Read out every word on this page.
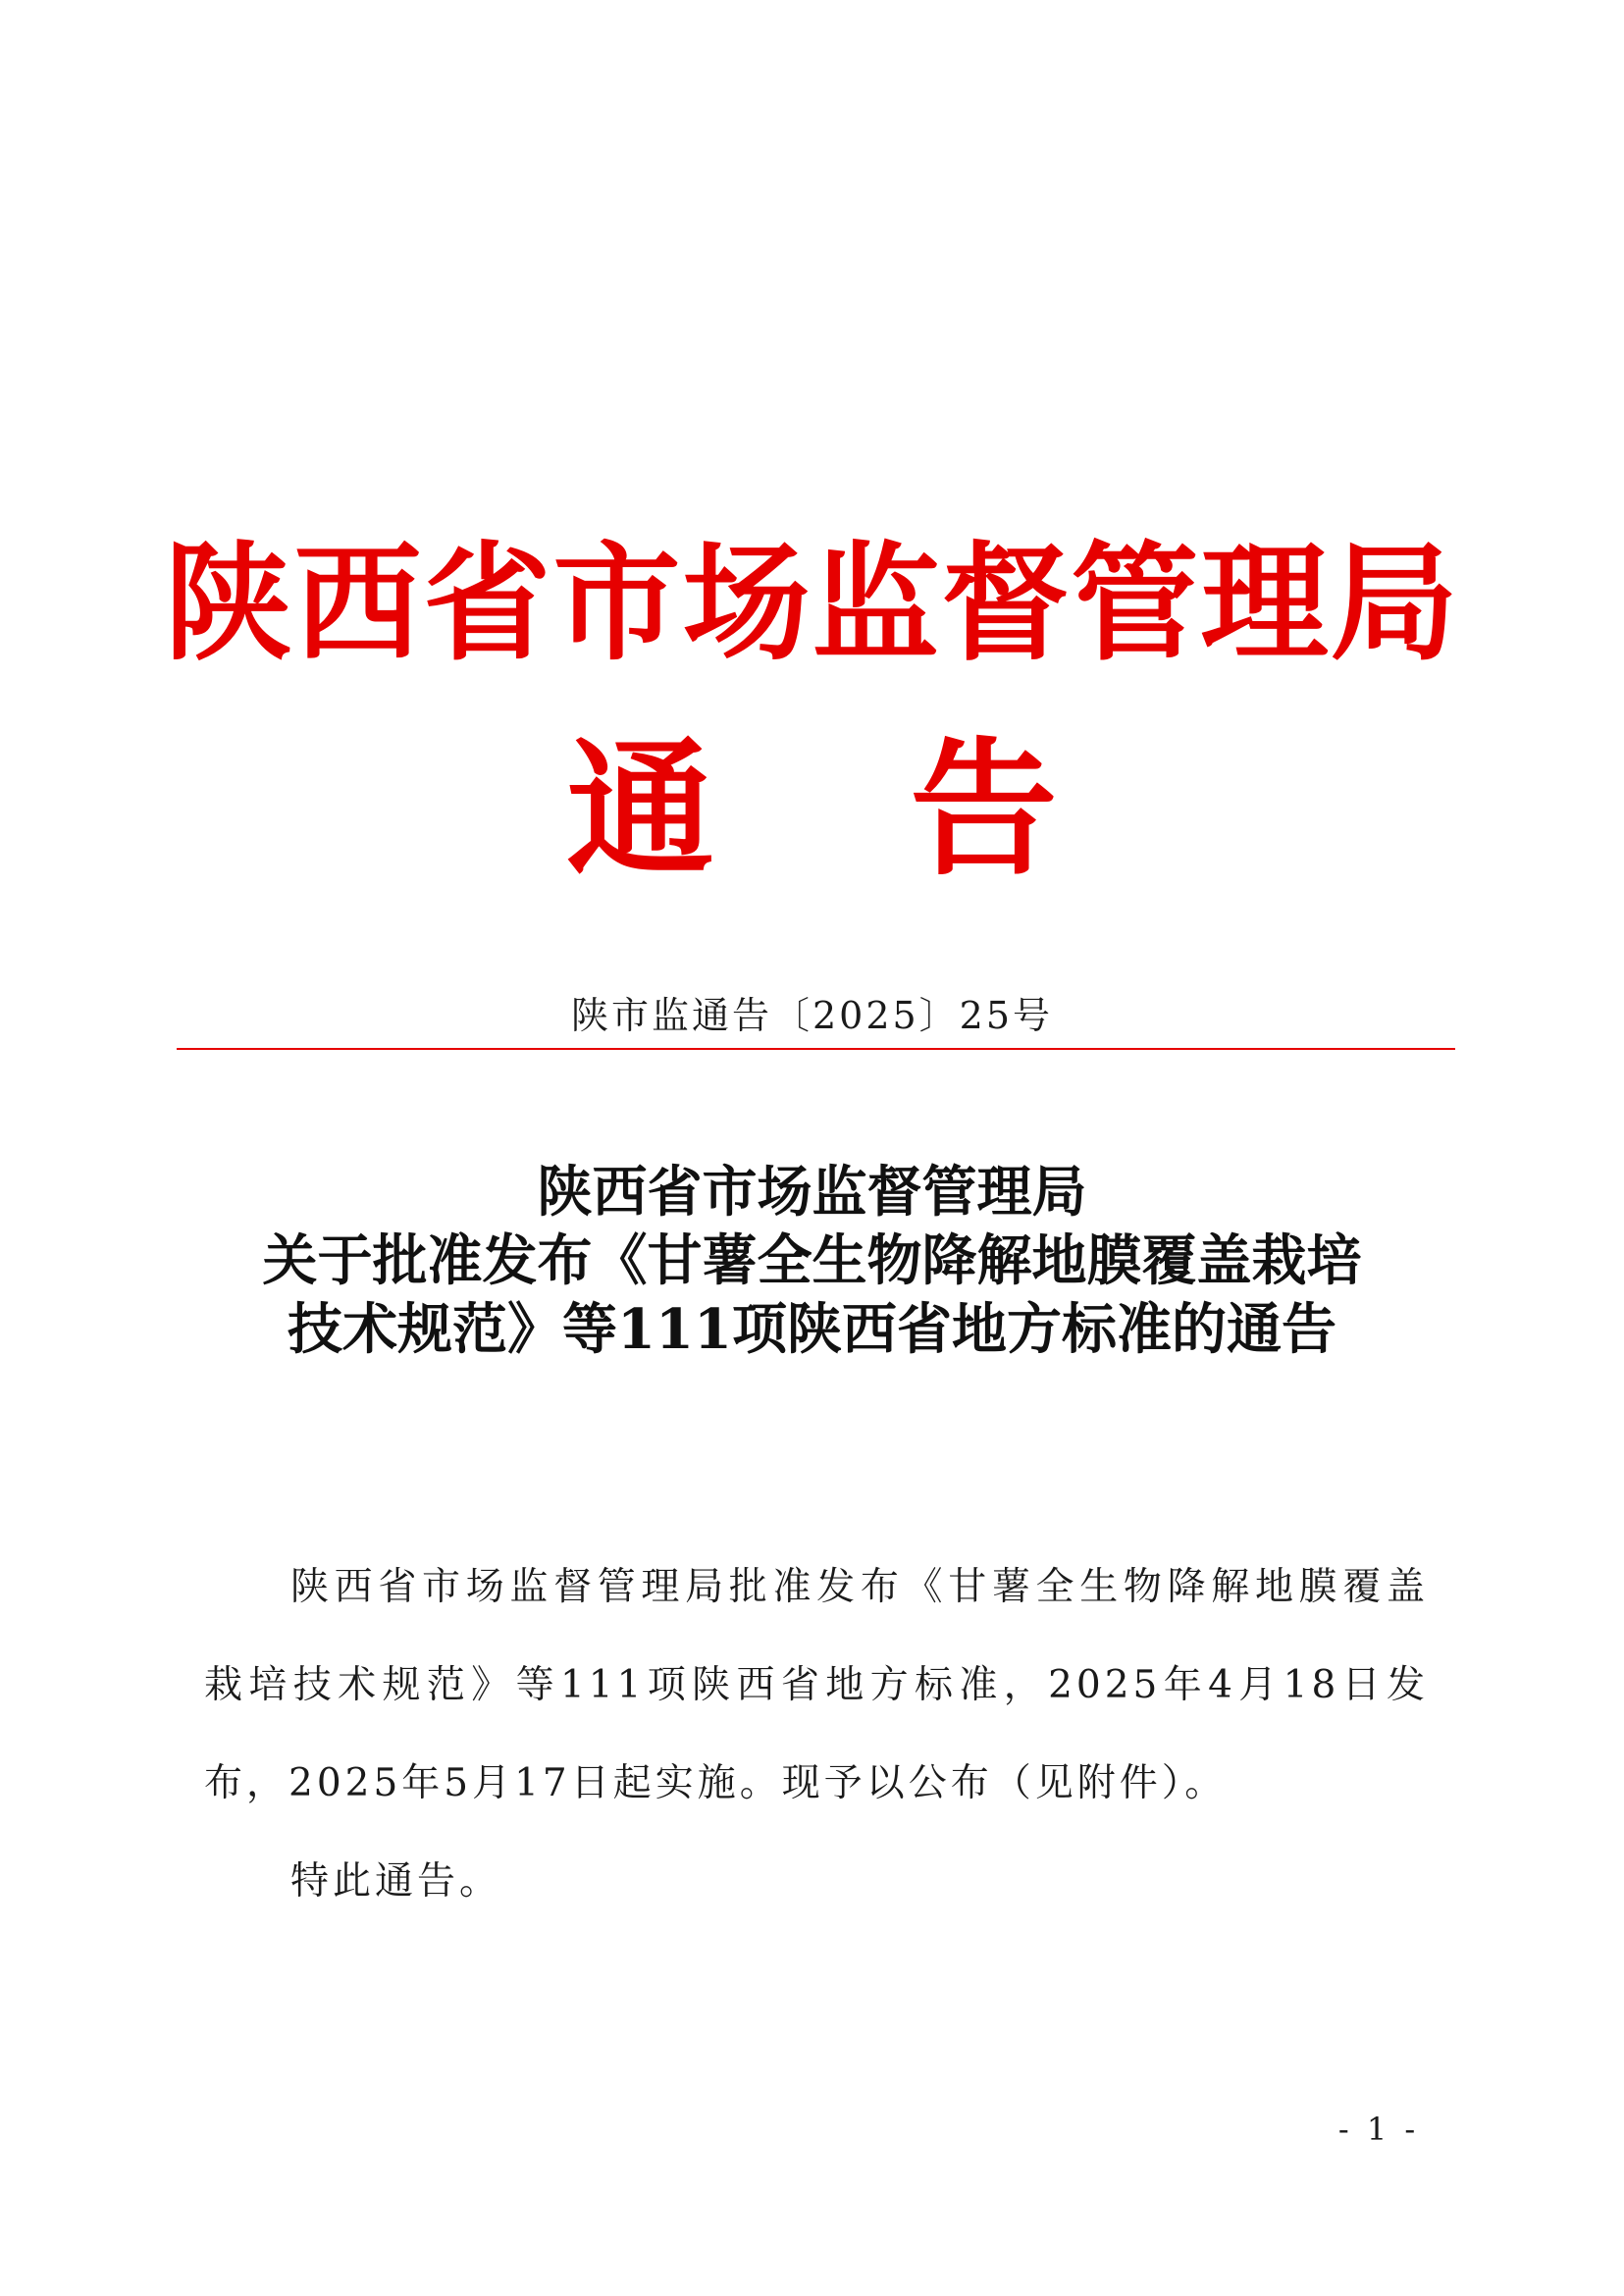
陕西省市场监督管理局
通告
陕市监通告〔2025〕25号
陕西省市场监督管理局
关于批准发布《甘薯全生物降解地膜覆盖栽培
技术规范》等111项陕西省地方标准的通告

陕西省市场监督管理局批准发布《甘薯全生物降解地膜覆盖栽培技术规范》等111项陕西省地方标准，2025年4月18日发布，2025年5月17日起实施。现予以公布（见附件）。

特此通告。

- 1 -
